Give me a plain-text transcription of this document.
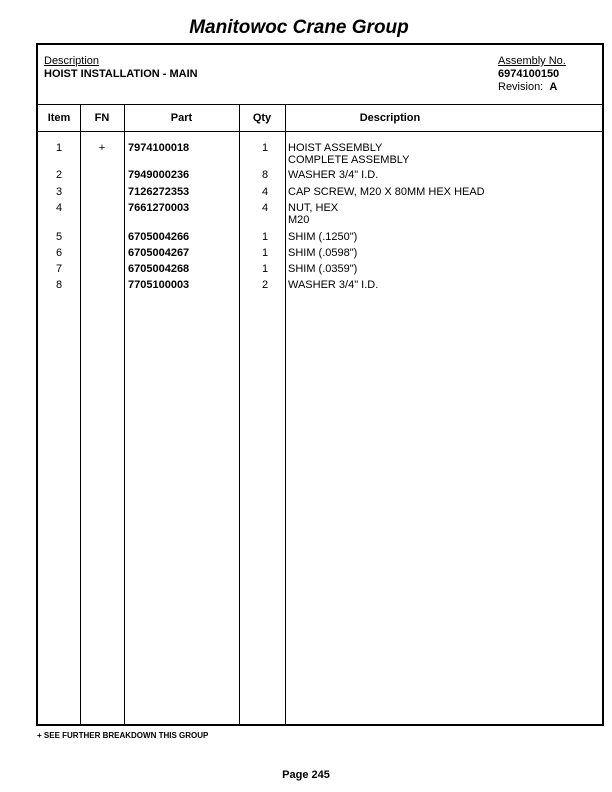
Manitowoc Crane Group
Description
HOIST INSTALLATION - MAIN
Assembly No.
6974100150
Revision: A
Item	FN	Part	Qty	Description
1	+	7974100018	1	HOIST ASSEMBLY
COMPLETE ASSEMBLY
2	7949000236	8	WASHER 3/4" I.D.
3	7126272353	4	CAP SCREW, M20 X 80MM HEX HEAD
4	7661270003	4	NUT, HEX
M20
5	6705004266	1	SHIM (.1250")
6	6705004267	1	SHIM (.0598")
7	6705004268	1	SHIM (.0359")
8	7705100003	2	WASHER 3/4" I.D.
+ SEE FURTHER BREAKDOWN THIS GROUP
Page 245
